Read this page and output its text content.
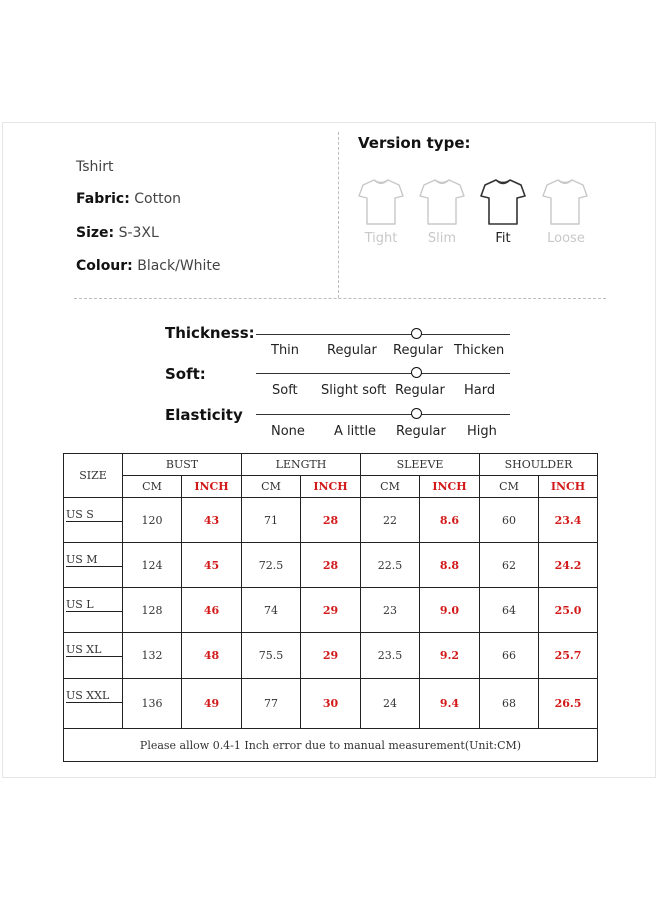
Tshirt
Fabric: Cotton
Size: S-3XL
Colour: Black/White
Version type:
Tight	Slim	Fit	Loose
Thickness:
Thin Regular Regular Thicken
Soft:
Soft Slight soft Regular Hard
Elasticity
None A little Regular High
SIZE	BUST		LENGTH		SLEEVE		SHOULDER	
	CM	INCH	CM	INCH	CM	INCH	CM	INCH
US S	120	43	71	28	22	8.6	60	23.4
US M	124	45	72.5	28	22.5	8.8	62	24.2
US L	128	46	74	29	23	9.0	64	25.0
US XL	132	48	75.5	29	23.5	9.2	66	25.7
US XXL	136	49	77	30	24	9.4	68	26.5
Please allow 0.4-1 Inch error due to manual measurement(Unit:CM)								
